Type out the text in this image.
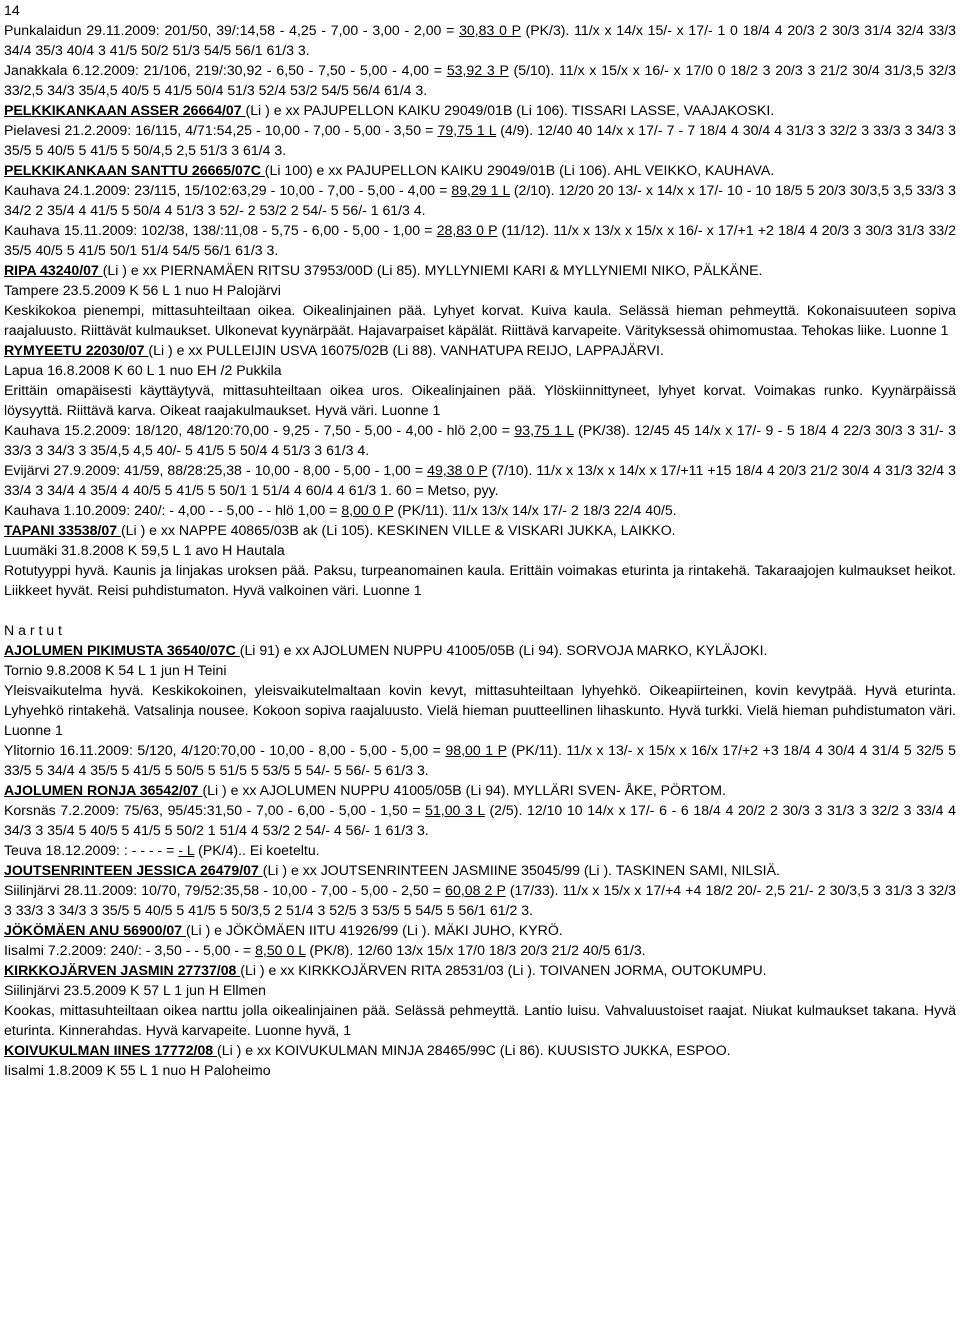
14
Punkalaidun 29.11.2009: 201/50, 39/:14,58 - 4,25 - 7,00 - 3,00 - 2,00 = 30,83 0 P (PK/3). 11/x x 14/x 15/- x 17/- 1 0 18/4 4 20/3 2 30/3 31/4 32/4 33/3 34/4 35/3 40/4 3 41/5 50/2 51/3 54/5 56/1 61/3 3.
Janakkala 6.12.2009: 21/106, 219/:30,92 - 6,50 - 7,50 - 5,00 - 4,00 = 53,92 3 P (5/10). 11/x x 15/x x 16/- x 17/0 0 18/2 3 20/3 3 21/2 30/4 31/3,5 32/3 33/2,5 34/3 35/4,5 40/5 5 41/5 50/4 51/3 52/4 53/2 54/5 56/4 61/4 3.
PELKKIKANKAAN ASSER 26664/07 (Li ) e xx PAJUPELLON KAIKU 29049/01B (Li 106). TISSARI LASSE, VAAJAKOSKI.
Pielavesi 21.2.2009: 16/115, 4/71:54,25 - 10,00 - 7,00 - 5,00 - 3,50 = 79,75 1 L (4/9). 12/40 40 14/x x 17/- 7 - 7 18/4 4 30/4 4 31/3 3 32/2 3 33/3 3 34/3 3 35/5 5 40/5 5 41/5 5 50/4,5 2,5 51/3 3 61/4 3.
PELKKIKANKAAN SANTTU 26665/07C (Li 100) e xx PAJUPELLON KAIKU 29049/01B (Li 106). AHL VEIKKO, KAUHAVA.
Kauhava 24.1.2009: 23/115, 15/102:63,29 - 10,00 - 7,00 - 5,00 - 4,00 = 89,29 1 L (2/10). 12/20 20 13/- x 14/x x 17/- 10 - 10 18/5 5 20/3 30/3,5 3,5 33/3 3 34/2 2 35/4 4 41/5 5 50/4 4 51/3 3 52/- 2 53/2 2 54/- 5 56/- 1 61/3 4.
Kauhava 15.11.2009: 102/38, 138/:11,08 - 5,75 - 6,00 - 5,00 - 1,00 = 28,83 0 P (11/12). 11/x x 13/x x 15/x x 16/- x 17/+1 +2 18/4 4 20/3 3 30/3 31/3 33/2 35/5 40/5 5 41/5 50/1 51/4 54/5 56/1 61/3 3.
RIPA 43240/07 (Li ) e xx PIERNAMÄEN RITSU 37953/00D (Li 85). MYLLYNIEMI KARI & MYLLYNIEMI NIKO, PÄLKÄNE.
Tampere 23.5.2009 K 56 L 1 nuo H Palojärvi
Keskikokoa pienempi, mittasuhteiltaan oikea. Oikealinjainen pää. Lyhyet korvat. Kuiva kaula. Selässä hieman pehmeyttä. Kokonaisuuteen sopiva raajaluusto. Riittävät kulmaukset. Ulkonevat kyynärpäät. Hajavarpaiset käpälät. Riittävä karvapeite. Värityksessä ohimomustaa. Tehokas liike. Luonne 1
RYMYEETU 22030/07 (Li ) e xx PULLEIJIN USVA 16075/02B (Li 88). VANHATUPA REIJO, LAPPAJÄRVI.
Lapua 16.8.2008 K 60 L 1 nuo EH /2 Pukkila
Erittäin omapäisesti käyttäytyvä, mittasuhteiltaan oikea uros. Oikealinjainen pää. Ylöskiinnittyneet, lyhyet korvat. Voimakas runko. Kyynärpäissä löysyyttä. Riittävä karva. Oikeat raajakulmaukset. Hyvä väri. Luonne 1
Kauhava 15.2.2009: 18/120, 48/120:70,00 - 9,25 - 7,50 - 5,00 - 4,00 - hlö 2,00 = 93,75 1 L (PK/38). 12/45 45 14/x x 17/- 9 - 5 18/4 4 22/3 30/3 3 31/- 3 33/3 3 34/3 3 35/4,5 4,5 40/- 5 41/5 5 50/4 4 51/3 3 61/3 4.
Evijärvi 27.9.2009: 41/59, 88/28:25,38 - 10,00 - 8,00 - 5,00 - 1,00 = 49,38 0 P (7/10). 11/x x 13/x x 14/x x 17/+11 +15 18/4 4 20/3 21/2 30/4 4 31/3 32/4 3 33/4 3 34/4 4 35/4 4 40/5 5 41/5 5 50/1 1 51/4 4 60/4 4 61/3 1. 60 = Metso, pyy.
Kauhava 1.10.2009: 240/: - 4,00 - - 5,00 - - hlö 1,00 = 8,00 0 P (PK/11). 11/x 13/x 14/x 17/- 2 18/3 22/4 40/5.
TAPANI 33538/07 (Li ) e xx NAPPE 40865/03B ak (Li 105). KESKINEN VILLE & VISKARI JUKKA, LAIKKO.
Luumäki 31.8.2008 K 59,5 L 1 avo H Hautala
Rotutyyppi hyvä. Kaunis ja linjakas uroksen pää. Paksu, turpeanomainen kaula. Erittäin voimakas eturinta ja rintakehä. Takaraajojen kulmaukset heikot. Liikkeet hyvät. Reisi puhdistumaton. Hyvä valkoinen väri. Luonne 1
N a r t u t
AJOLUMEN PIKIMUSTA 36540/07C (Li 91) e xx AJOLUMEN NUPPU 41005/05B (Li 94). SORVOJA MARKO, KYLÄJOKI.
Tornio 9.8.2008 K 54 L 1 jun H Teini
Yleisvaikutelma hyvä. Keskikokoinen, yleisvaikutelmaltaan kovin kevyt, mittasuhteiltaan lyhyehkö. Oikeapiirteinen, kovin kevytpää. Hyvä eturinta. Lyhyehkö rintakehä. Vatsalinja nousee. Kokoon sopiva raajaluusto. Vielä hieman puutteellinen lihaskunto. Hyvä turkki. Vielä hieman puhdistumaton väri. Luonne 1
Ylitornio 16.11.2009: 5/120, 4/120:70,00 - 10,00 - 8,00 - 5,00 - 5,00 = 98,00 1 P (PK/11). 11/x x 13/- x 15/x x 16/x 17/+2 +3 18/4 4 30/4 4 31/4 5 32/5 5 33/5 5 34/4 4 35/5 5 41/5 5 50/5 5 51/5 5 53/5 5 54/- 5 56/- 5 61/3 3.
AJOLUMEN RONJA 36542/07 (Li ) e xx AJOLUMEN NUPPU 41005/05B (Li 94). MYLLÄRI SVEN- ÅKE, PÖRTOM.
Korsnäs 7.2.2009: 75/63, 95/45:31,50 - 7,00 - 6,00 - 5,00 - 1,50 = 51,00 3 L (2/5). 12/10 10 14/x x 17/- 6 - 6 18/4 4 20/2 2 30/3 3 31/3 3 32/2 3 33/4 4 34/3 3 35/4 5 40/5 5 41/5 5 50/2 1 51/4 4 53/2 2 54/- 4 56/- 1 61/3 3.
Teuva 18.12.2009: : - - - - = - L (PK/4).. Ei koeteltu.
JOUTSENRINTEEN JESSICA 26479/07 (Li ) e xx JOUTSENRINTEEN JASMIINE 35045/99 (Li ). TASKINEN SAMI, NILSIÄ.
Siilinjärvi 28.11.2009: 10/70, 79/52:35,58 - 10,00 - 7,00 - 5,00 - 2,50 = 60,08 2 P (17/33). 11/x x 15/x x 17/+4 +4 18/2 20/- 2,5 21/- 2 30/3,5 3 31/3 3 32/3 3 33/3 3 34/3 3 35/5 5 40/5 5 41/5 5 50/3,5 2 51/4 3 52/5 3 53/5 5 54/5 5 56/1 61/2 3.
JÖKÖMÄEN ANU 56900/07 (Li ) e JÖKÖMÄEN IITU 41926/99 (Li ). MÄKI JUHO, KYRÖ.
Iisalmi 7.2.2009: 240/: - 3,50 - - 5,00 - = 8,50 0 L (PK/8). 12/60 13/x 15/x 17/0 18/3 20/3 21/2 40/5 61/3.
KIRKKOJÄRVEN JASMIN 27737/08 (Li ) e xx KIRKKOJÄRVEN RITA 28531/03 (Li ). TOIVANEN JORMA, OUTOKUMPU.
Siilinjärvi 23.5.2009 K 57 L 1 jun H Ellmen
Kookas, mittasuhteiltaan oikea narttu jolla oikealinjainen pää. Selässä pehmeyttä. Lantio luisu. Vahvaluustoiset raajat. Niukat kulmaukset takana. Hyvä eturinta. Kinnerahdas. Hyvä karvapeite. Luonne hyvä, 1
KOIVUKULMAN IINES 17772/08 (Li ) e xx KOIVUKULMAN MINJA 28465/99C (Li 86). KUUSISTO JUKKA, ESPOO.
Iisalmi 1.8.2009 K 55 L 1 nuo H Paloheimo
